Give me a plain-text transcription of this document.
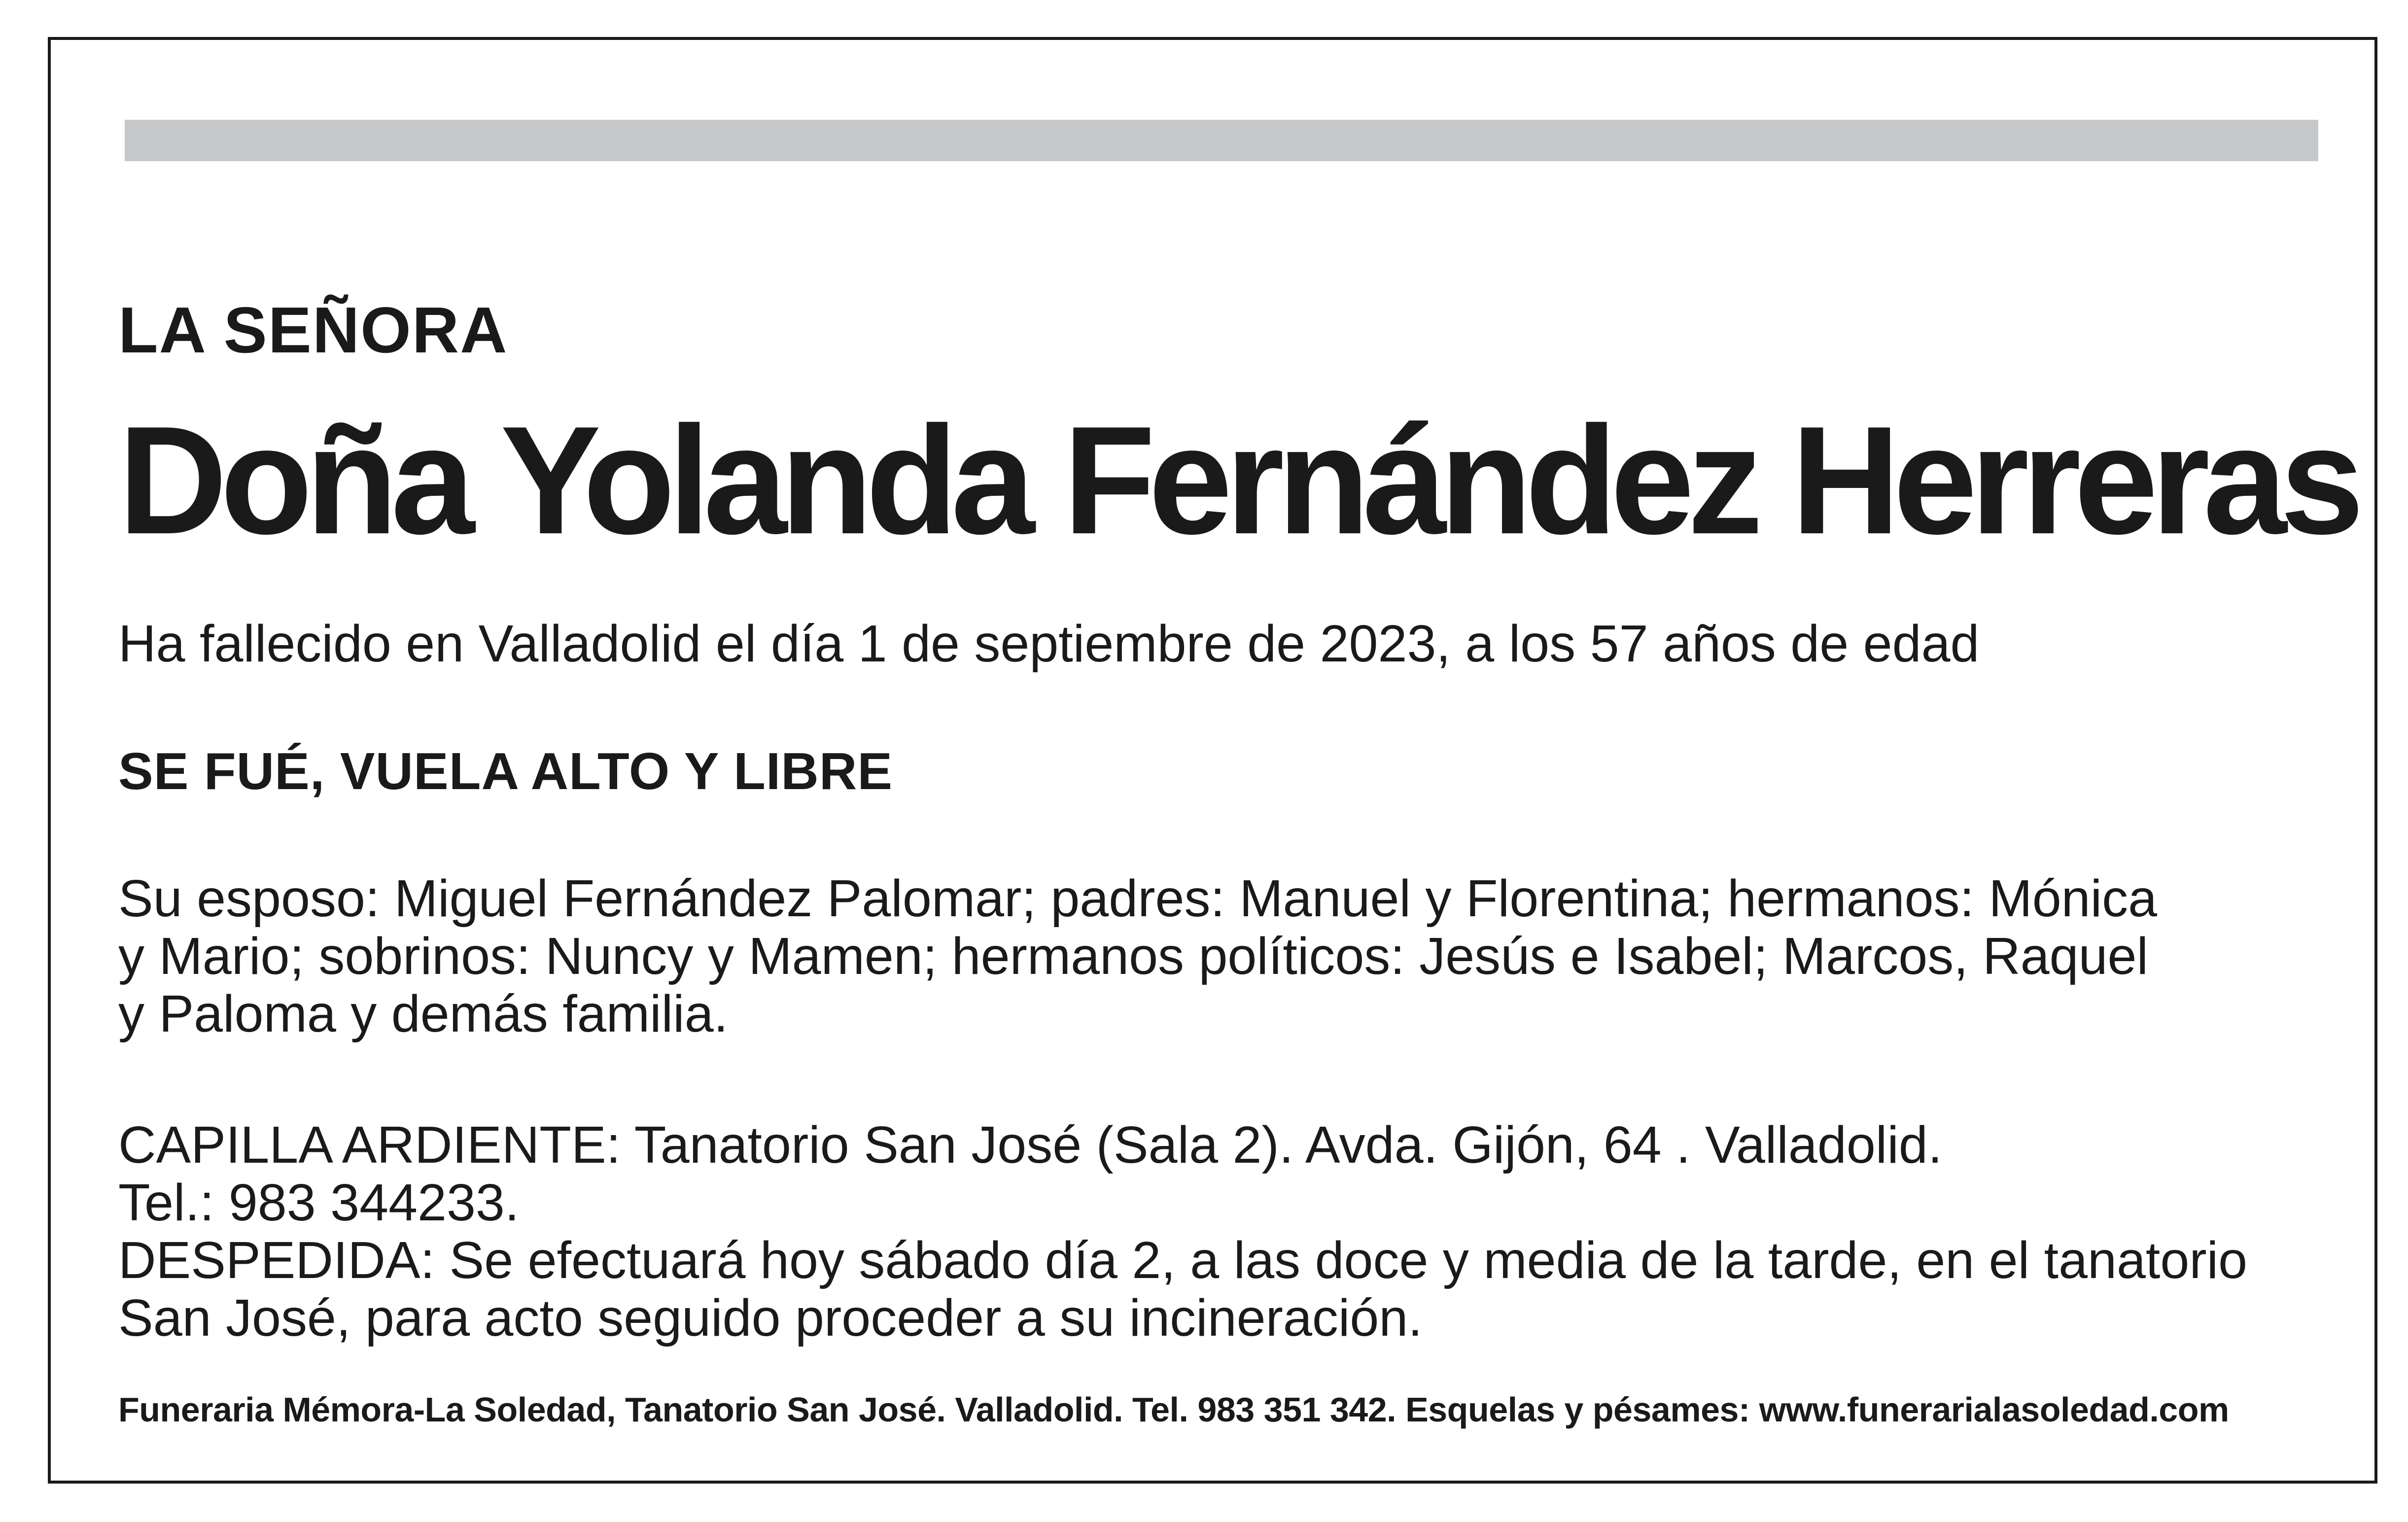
LA SEÑORA
Doña Yolanda Fernández Herreras
Ha fallecido en Valladolid el día 1 de septiembre de 2023, a los 57 años de edad
SE FUÉ, VUELA ALTO Y LIBRE
Su esposo: Miguel Fernández Palomar; padres: Manuel y Florentina; hermanos: Mónica
y Mario; sobrinos: Nuncy y Mamen; hermanos políticos: Jesús e Isabel; Marcos, Raquel
y Paloma y demás familia.
CAPILLA ARDIENTE: Tanatorio San José (Sala 2). Avda. Gijón, 64 . Valladolid.
Tel.: 983 344233.
DESPEDIDA: Se efectuará hoy sábado día 2, a las doce y media de la tarde, en el tanatorio
San José, para acto seguido proceder a su incineración.
Funeraria Mémora-La Soledad, Tanatorio San José. Valladolid. Tel. 983 351 342. Esquelas y pésames: www.funerarialasoledad.com
